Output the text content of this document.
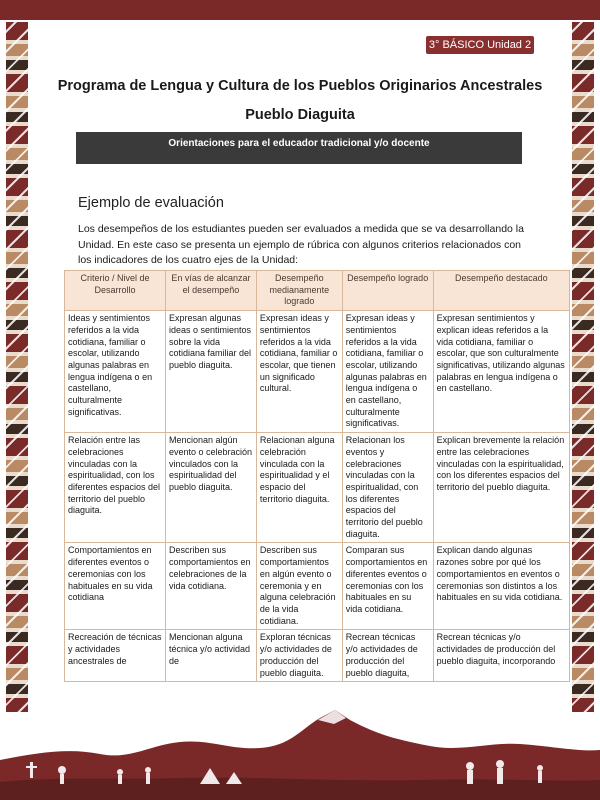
3° BÁSICO Unidad 2
Programa de Lengua y Cultura de los Pueblos Originarios Ancestrales
Pueblo Diaguita
Orientaciones para el educador tradicional y/o docente
Ejemplo de evaluación

Los desempeños de los estudiantes pueden ser evaluados a medida que se va desarrollando la Unidad. En este caso se presenta un ejemplo de rúbrica con algunos criterios relacionados con los indicadores de los cuatro ejes de la Unidad:

Criterio / Nivel de Desarrollo	En vías de alcanzar el desempeño	Desempeño medianamente logrado	Desempeño logrado	Desempeño destacado
Ideas y sentimientos referidos a la vida cotidiana, familiar o escolar, utilizando algunas palabras en lengua indígena o en castellano, culturalmente significativas.	Expresan algunas ideas o sentimientos sobre la vida cotidiana familiar del pueblo diaguita.	Expresan ideas y sentimientos referidos a la vida cotidiana, familiar o escolar, que tienen un significado cultural.	Expresan ideas y sentimientos referidos a la vida cotidiana, familiar o escolar, utilizando algunas palabras en lengua indígena o en castellano, culturalmente significativas.	Expresan sentimientos y explican ideas referidos a la vida cotidiana, familiar o escolar, que son culturalmente significativas, utilizando algunas palabras en lengua indígena o en castellano.
Relación entre las celebraciones vinculadas con la espiritualidad, con los diferentes espacios del territorio del pueblo diaguita.	Mencionan algún evento o celebración vinculados con la espiritualidad del pueblo diaguita.	Relacionan alguna celebración vinculada con la espiritualidad y el espacio del territorio diaguita.	Relacionan los eventos y celebraciones vinculadas con la espiritualidad, con los diferentes espacios del territorio del pueblo diaguita.	Explican brevemente la relación entre las celebraciones vinculadas con la espiritualidad, con los diferentes espacios del territorio del pueblo diaguita.
Comportamientos en diferentes eventos o ceremonias con los habituales en su vida cotidiana	Describen sus comportamientos en celebraciones de la vida cotidiana.	Describen sus comportamientos en algún evento o ceremonia y en alguna celebración de la vida cotidiana.	Comparan sus comportamientos en diferentes eventos o ceremonias con los habituales en su vida cotidiana.	Explican dando algunas razones sobre por qué los comportamientos en eventos o ceremonias son distintos a los habituales en su vida cotidiana.
Recreación de técnicas y actividades ancestrales de	Mencionan alguna técnica y/o actividad de	Exploran técnicas y/o actividades de producción del pueblo diaguita.	Recrean técnicas y/o actividades de producción del pueblo diaguita,	Recrean técnicas y/o actividades de producción del pueblo diaguita, incorporando
